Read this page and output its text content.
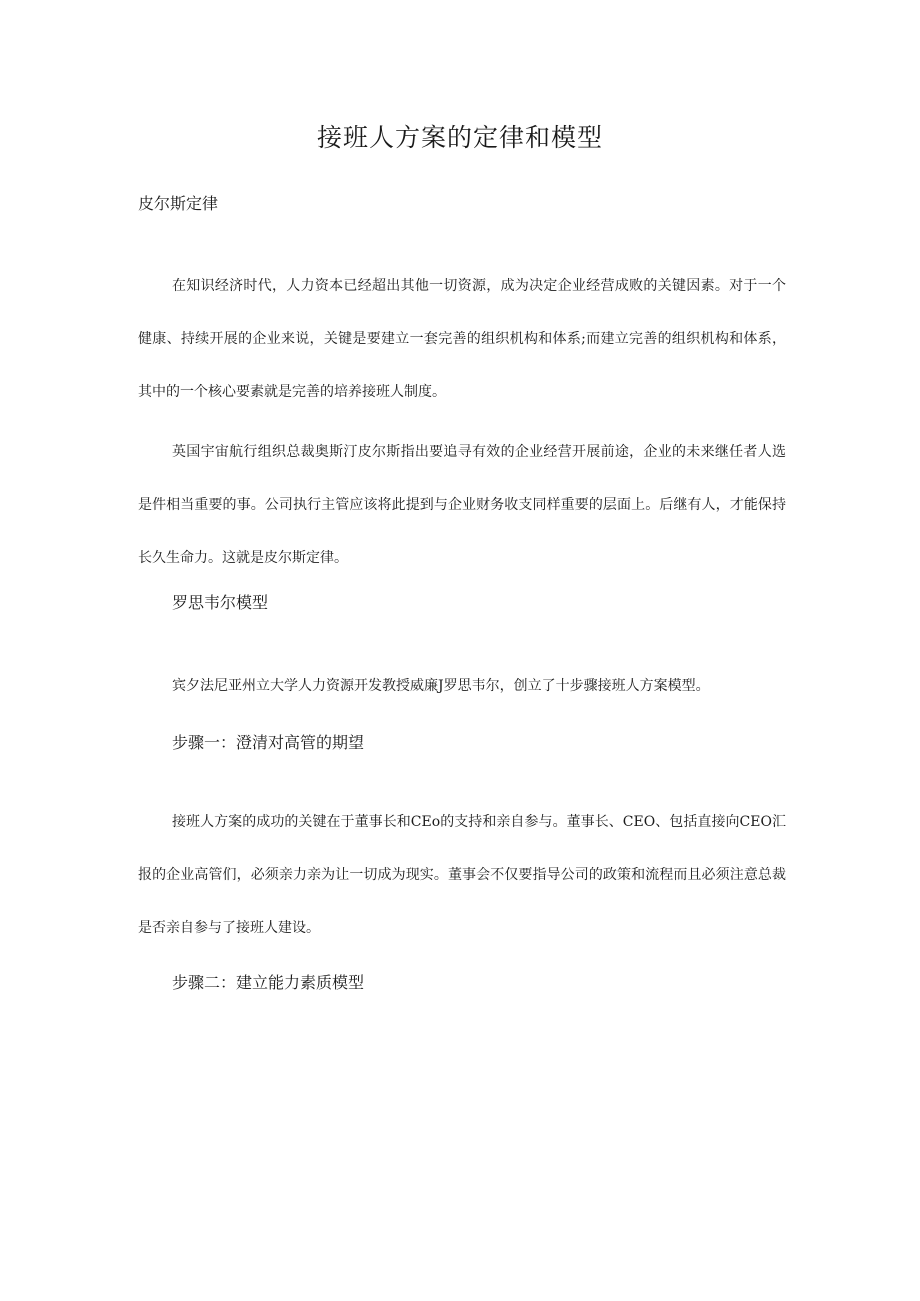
接班人方案的定律和模型
皮尔斯定律

在知识经济时代，人力资本已经超出其他一切资源，成为决定企业经营成败的关键因素。对于一个健康、持续开展的企业来说，关键是要建立一套完善的组织机构和体系;而建立完善的组织机构和体系，其中的一个核心要素就是完善的培养接班人制度。

英国宇宙航行组织总裁奥斯汀皮尔斯指出要追寻有效的企业经营开展前途，企业的未来继任者人选是件相当重要的事。公司执行主管应该将此提到与企业财务收支同样重要的层面上。后继有人，才能保持长久生命力。这就是皮尔斯定律。

罗思韦尔模型

宾夕法尼亚州立大学人力资源开发教授威廉J罗思韦尔，创立了十步骤接班人方案模型。

步骤一：澄清对高管的期望

接班人方案的成功的关键在于董事长和CEo的支持和亲自参与。董事长、CEO、包括直接向CEO汇报的企业高管们，必须亲力亲为让一切成为现实。董事会不仅要指导公司的政策和流程而且必须注意总裁是否亲自参与了接班人建设。

步骤二：建立能力素质模型
